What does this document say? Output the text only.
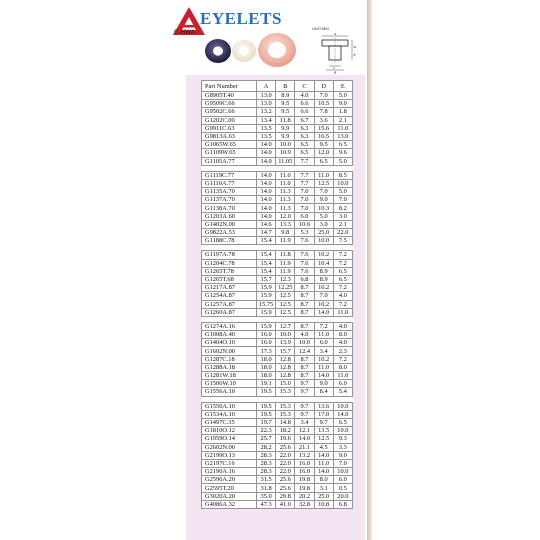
E-HWA
EYELETS
UNIT:MM
A
B
C
D
E
Part Number	A	B	C	D	E
G8905T.40	13.0	8.9	4.0	7.0	5.0
G9509C.66	13.0	9.5	6.6	10.5	9.0
G9502C.66	13.2	9.5	6.6	7.8	1.8
G1202C.00	13.4	11.8	6.7	3.6	2.1
G9911C.63	13.5	9.9	6.3	15.6	11.0
G9813A.63	13.5	9.9	6.3	16.5	13.0
G1065W.65	14.0	10.0	6.5	9.5	6.5
G1109W.65	14.0	10.9	6.5	12.0	9.6
G1105A.77	14.0	11.05	7.7	6.5	5.0

G1119C.77	14.0	11.0	7.7	11.0	8.5
G1110A.77	14.0	11.0	7.7	12.5	10.0
G1135A.70	14.0	11.3	7.0	7.0	5.0
G1137A.70	14.0	11.3	7.0	9.0	7.0
G1138A.70	14.0	11.3	7.0	10.3	8.2
G1203A.60	14.0	12.0	6.0	5.0	3.0
G1402N.00	14.6	13.3	10.6	3.0	2.1
G9822A.53	14.7	9.8	5.3	25.0	22.0
G1188C.78	15.4	11.9	7.6	10.0	7.5

G1197A.78	15.4	11.8	7.6	10.2	7.2
G1204C.78	15.4	11.9	7.6	10.4	7.2
G1265T.78	15.4	11.9	7.6	8.9	6.5
G1265T.68	15.7	12.3	6.8	8.9	6.5
G1217A.87	15.9	12.25	8.7	10.2	7.2
G1254A.87	15.9	12.5	8.7	7.0	4.0
G1257A.87	15.75	12.5	8.7	10.2	7.2
G1260A.87	15.9	12.5	8.7	14.0	11.0

G1274A.16	15.9	12.7	8.7	7.2	4.0
G1008A.40	16.0	10.0	4.0	11.0	8.0
G1404O.10	16.0	13.9	10.0	6.0	4.0
G1602N.00	17.3	15.7	12.4	3.4	2.3
G1287C.18	18.0	12.8	8.7	10.2	7.2
G1288A.18	18.0	12.8	8.7	11.0	8.0
G1281W.18	18.0	12.8	8.7	14.0	11.0
G1506W.10	19.1	15.0	9.7	9.0	6.0
G1556A.10	19.5	15.3	9.7	8.4	5.4

G1550A.10	19.5	15.3	9.7	13.6	10.0
G1534A.10	19.5	15.3	9.7	17.0	14.0
G1497C.35	19.7	14.8	3.4	9.7	6.5
G1810O.12	22.3	18.2	12.1	13.5	10.0
G1959O.14	25.7	19.6	14.0	12.5	9.3
G2602N.00	28.2	25.6	21.1	4.5	3.3
G2199O.13	28.3	22.0	13.2	14.0	9.0
G2197C.16	28.3	22.0	16.0	11.0	7.0
G2190A.16	28.3	22.0	16.0	14.0	10.0
G2596A.20	31.5	25.6	19.8	8.0	6.0
G2595T.20	31.8	25.6	19.8	3.1	0.5
G3020A.20	35.0	29.8	20.2	25.0	20.0
G4086A.32	47.3	41.0	32.8	10.8	6.8
